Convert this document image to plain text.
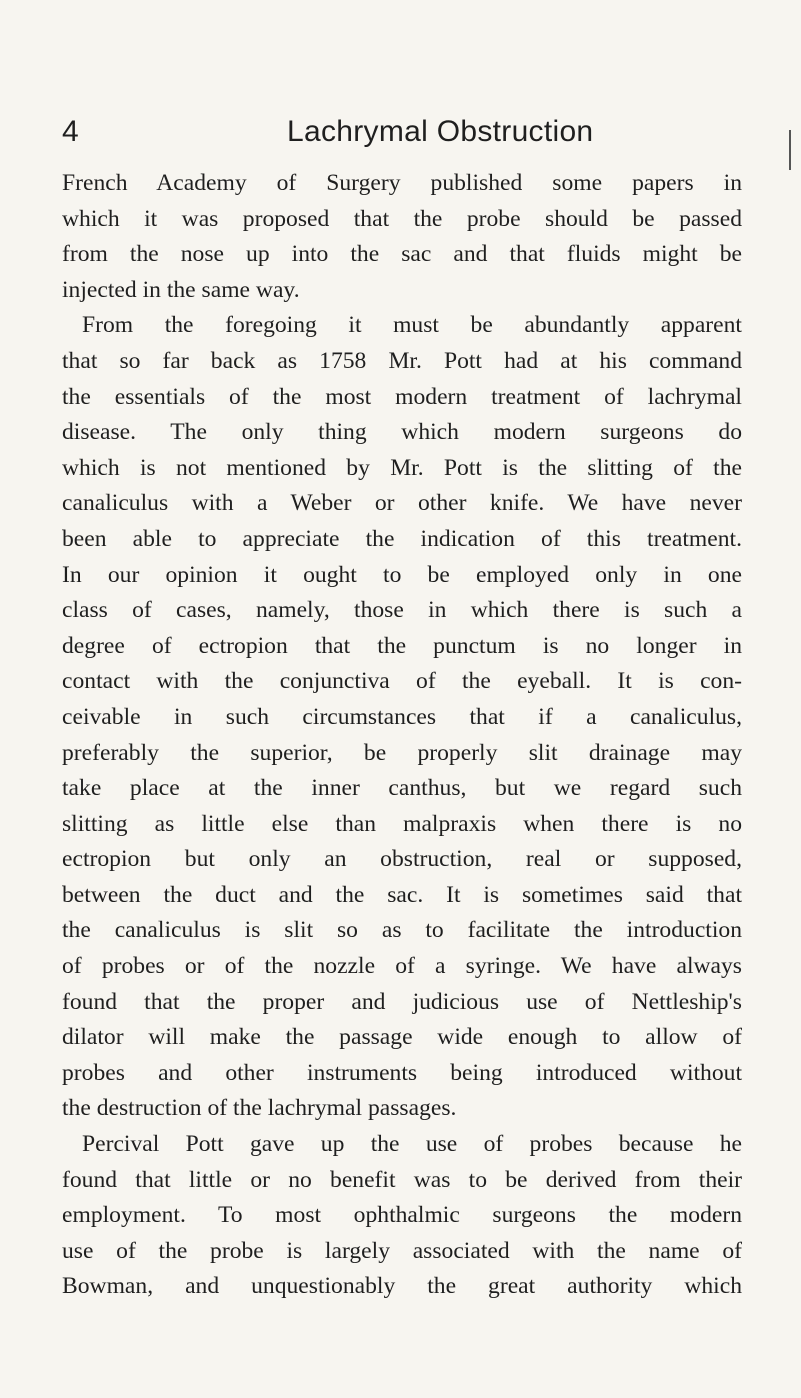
4	Lachrymal Obstruction
French Academy of Surgery published some papers in
which it was proposed that the probe should be passed
from the nose up into the sac and that fluids might be
injected in the same way.
From the foregoing it must be abundantly apparent
that so far back as 1758 Mr. Pott had at his command
the essentials of the most modern treatment of lachrymal
disease. The only thing which modern surgeons do
which is not mentioned by Mr. Pott is the slitting of the
canaliculus with a Weber or other knife. We have never
been able to appreciate the indication of this treatment.
In our opinion it ought to be employed only in one
class of cases, namely, those in which there is such a
degree of ectropion that the punctum is no longer in
contact with the conjunctiva of the eyeball. It is con-
ceivable in such circumstances that if a canaliculus,
preferably the superior, be properly slit drainage may
take place at the inner canthus, but we regard such
slitting as little else than malpraxis when there is no
ectropion but only an obstruction, real or supposed,
between the duct and the sac. It is sometimes said that
the canaliculus is slit so as to facilitate the introduction
of probes or of the nozzle of a syringe. We have always
found that the proper and judicious use of Nettleship's
dilator will make the passage wide enough to allow of
probes and other instruments being introduced without
the destruction of the lachrymal passages.
Percival Pott gave up the use of probes because he
found that little or no benefit was to be derived from their
employment. To most ophthalmic surgeons the modern
use of the probe is largely associated with the name of
Bowman, and unquestionably the great authority which
